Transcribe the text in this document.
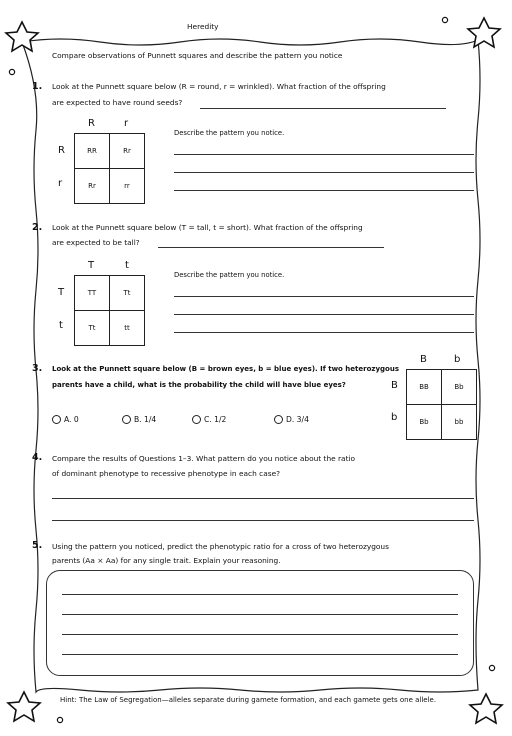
Heredity
Compare observations of Punnett squares and describe the pattern you notice
1. Look at the Punnett square below (R = round, r = wrinkled). What fraction of the offspring
are expected to have round seeds?
R	r
R
r
RR	Rr
Rr	rr
Describe the pattern you notice.
2. Look at the Punnett square below (T = tall, t = short). What fraction of the offspring
are expected to be tall?
T	t
T
t
TT	Tt
Tt	tt
Describe the pattern you notice.
3. Look at the Punnett square below (B = brown eyes, b = blue eyes). If two heterozygous
parents have a child, what is the probability the child will have blue eyes?
B	b
B
b
BB	Bb
Bb	bb
A. 0	B. 1/4	C. 1/2	D. 3/4
4. Compare the results of Questions 1–3. What pattern do you notice about the ratio
of dominant phenotype to recessive phenotype in each case?
5. Using the pattern you noticed, predict the phenotypic ratio for a cross of two heterozygous
parents (Aa × Aa) for any single trait. Explain your reasoning.
Hint: The Law of Segregation—alleles separate during gamete formation, and each gamete gets one allele.
